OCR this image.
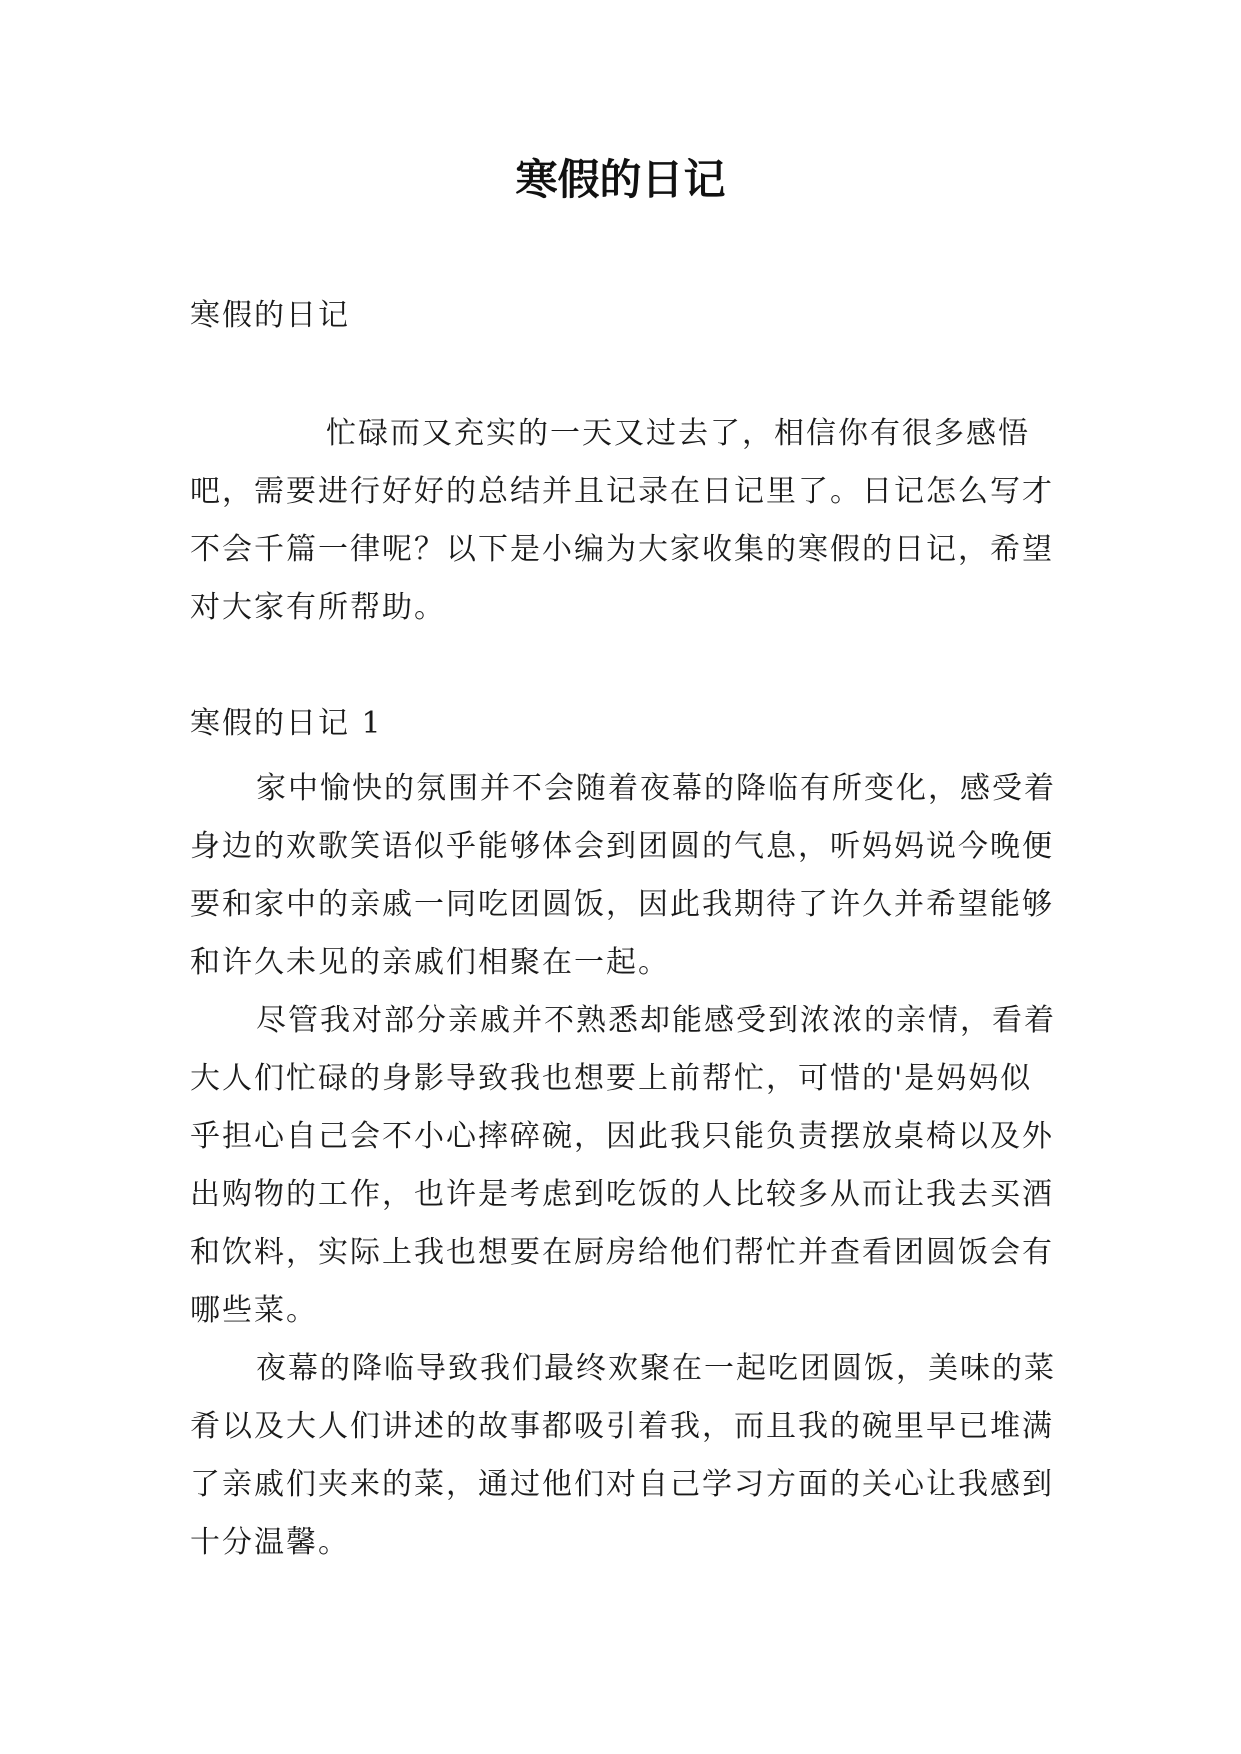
寒假的日记
寒假的日记

忙碌而又充实的一天又过去了，相信你有很多感悟吧，需要进行好好的总结并且记录在日记里了。日记怎么写才不会千篇一律呢？以下是小编为大家收集的寒假的日记，希望对大家有所帮助。

寒假的日记 1

家中愉快的氛围并不会随着夜幕的降临有所变化，感受着身边的欢歌笑语似乎能够体会到团圆的气息，听妈妈说今晚便要和家中的亲戚一同吃团圆饭，因此我期待了许久并希望能够和许久未见的亲戚们相聚在一起。

尽管我对部分亲戚并不熟悉却能感受到浓浓的亲情，看着大人们忙碌的身影导致我也想要上前帮忙，可惜的'是妈妈似乎担心自己会不小心摔碎碗，因此我只能负责摆放桌椅以及外出购物的工作，也许是考虑到吃饭的人比较多从而让我去买酒和饮料，实际上我也想要在厨房给他们帮忙并查看团圆饭会有哪些菜。

夜幕的降临导致我们最终欢聚在一起吃团圆饭，美味的菜肴以及大人们讲述的故事都吸引着我，而且我的碗里早已堆满了亲戚们夹来的菜，通过他们对自己学习方面的关心让我感到十分温馨。
